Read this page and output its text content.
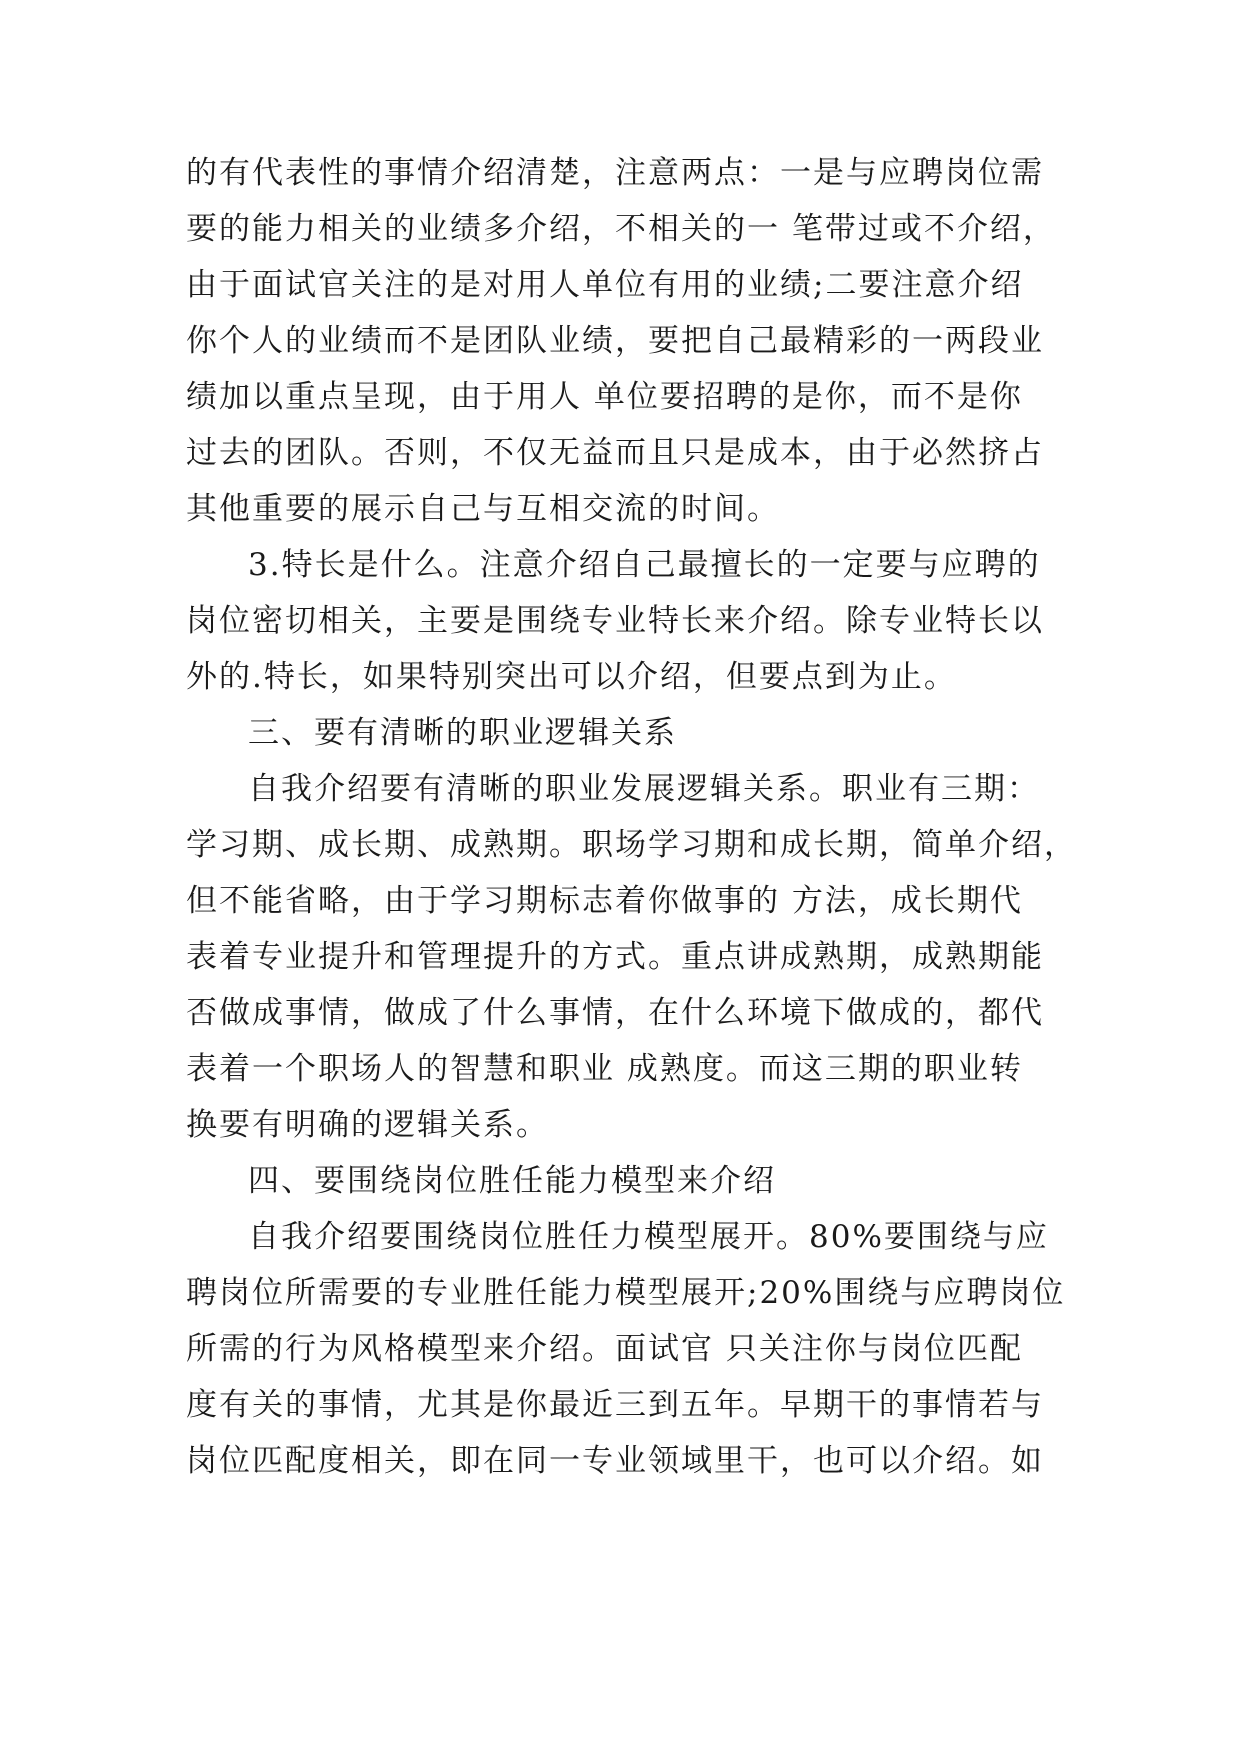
的有代表性的事情介绍清楚，注意两点：一是与应聘岗位需
要的能力相关的业绩多介绍，不相关的一 笔带过或不介绍，
由于面试官关注的是对用人单位有用的业绩;二要注意介绍
你个人的业绩而不是团队业绩，要把自己最精彩的一两段业
绩加以重点呈现，由于用人 单位要招聘的是你，而不是你
过去的团队。否则，不仅无益而且只是成本，由于必然挤占
其他重要的展示自己与互相交流的时间。
3.特长是什么。注意介绍自己最擅长的一定要与应聘的
岗位密切相关，主要是围绕专业特长来介绍。除专业特长以
外的.特长，如果特别突出可以介绍，但要点到为止。
三、要有清晰的职业逻辑关系
自我介绍要有清晰的职业发展逻辑关系。职业有三期：
学习期、成长期、成熟期。职场学习期和成长期，简单介绍，
但不能省略，由于学习期标志着你做事的 方法，成长期代
表着专业提升和管理提升的方式。重点讲成熟期，成熟期能
否做成事情，做成了什么事情，在什么环境下做成的，都代
表着一个职场人的智慧和职业 成熟度。而这三期的职业转
换要有明确的逻辑关系。
四、要围绕岗位胜任能力模型来介绍
自我介绍要围绕岗位胜任力模型展开。80%要围绕与应
聘岗位所需要的专业胜任能力模型展开;20%围绕与应聘岗位
所需的行为风格模型来介绍。面试官 只关注你与岗位匹配
度有关的事情，尤其是你最近三到五年。早期干的事情若与
岗位匹配度相关，即在同一专业领域里干，也可以介绍。如
